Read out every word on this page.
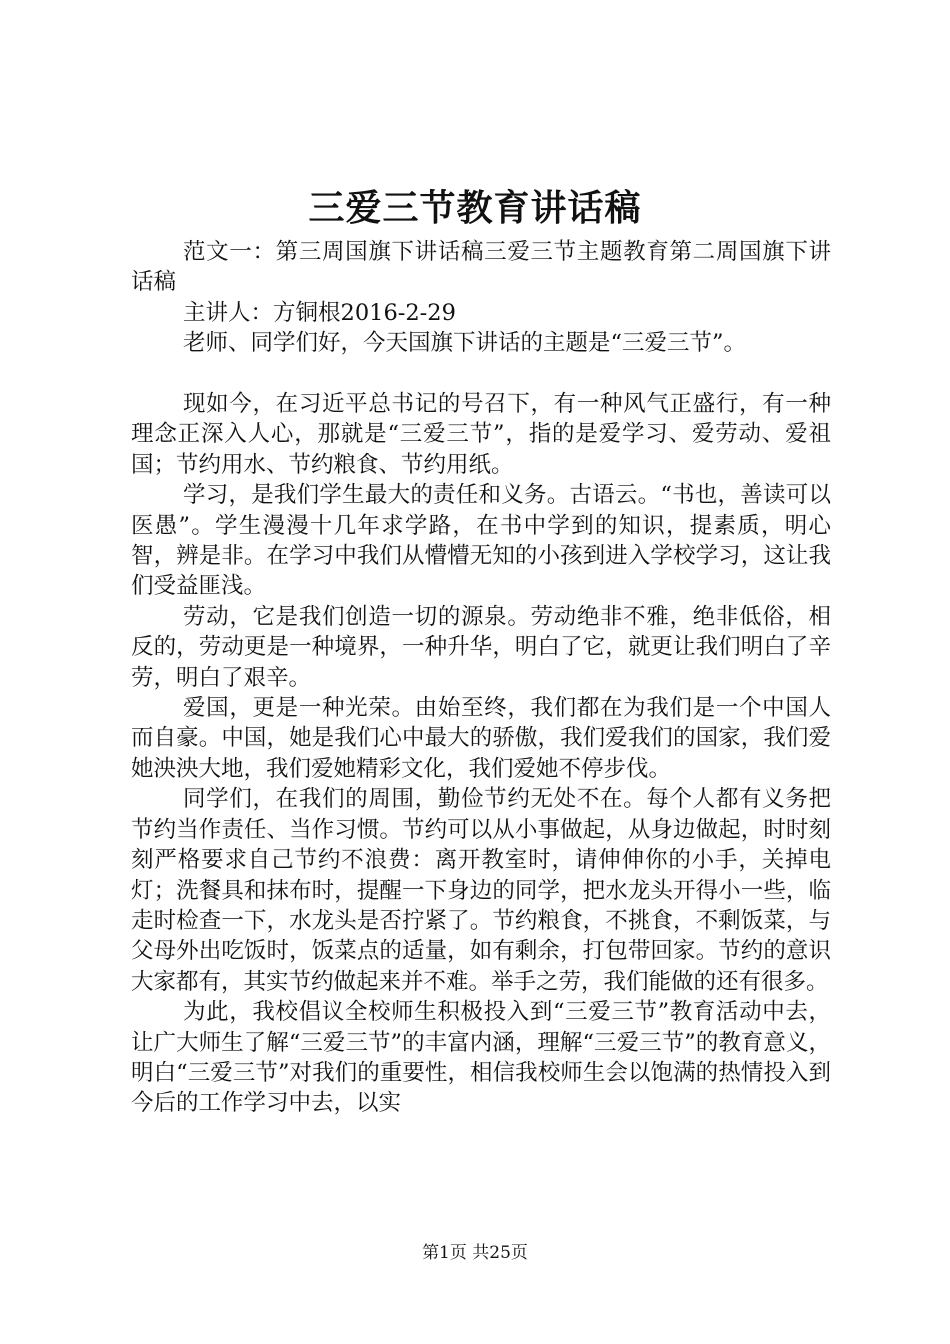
三爱三节教育讲话稿

范文一：第三周国旗下讲话稿三爱三节主题教育第二周国旗下讲话稿

主讲人：方铜根2016-2-29

老师、同学们好，今天国旗下讲话的主题是“三爱三节”。

现如今，在习近平总书记的号召下，有一种风气正盛行，有一种理念正深入人心，那就是“三爱三节”，指的是爱学习、爱劳动、爱祖国；节约用水、节约粮食、节约用纸。

学习，是我们学生最大的责任和义务。古语云。“书也，善读可以医愚”。学生漫漫十几年求学路，在书中学到的知识，提素质，明心智，辨是非。在学习中我们从懵懵无知的小孩到进入学校学习，这让我们受益匪浅。

劳动，它是我们创造一切的源泉。劳动绝非不雅，绝非低俗，相反的，劳动更是一种境界，一种升华，明白了它，就更让我们明白了辛劳，明白了艰辛。

爱国，更是一种光荣。由始至终，我们都在为我们是一个中国人而自豪。中国，她是我们心中最大的骄傲，我们爱我们的国家，我们爱她泱泱大地，我们爱她精彩文化，我们爱她不停步伐。

同学们，在我们的周围，勤俭节约无处不在。每个人都有义务把节约当作责任、当作习惯。节约可以从小事做起，从身边做起，时时刻刻严格要求自己节约不浪费：离开教室时，请伸伸你的小手，关掉电灯；洗餐具和抹布时，提醒一下身边的同学，把水龙头开得小一些，临走时检查一下，水龙头是否拧紧了。节约粮食，不挑食，不剩饭菜，与父母外出吃饭时，饭菜点的适量，如有剩余，打包带回家。节约的意识大家都有，其实节约做起来并不难。举手之劳，我们能做的还有很多。

为此，我校倡议全校师生积极投入到“三爱三节”教育活动中去，让广大师生了解“三爱三节”的丰富内涵，理解“三爱三节”的教育意义，明白“三爱三节”对我们的重要性，相信我校师生会以饱满的热情投入到今后的工作学习中去，以实

第1页 共25页
